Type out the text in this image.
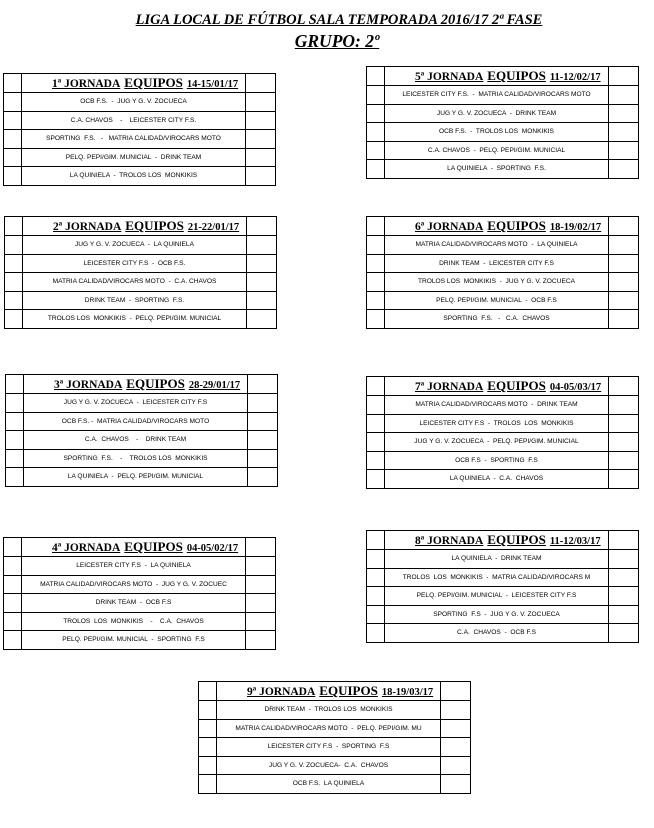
LIGA LOCAL DE FÚTBOL SALA TEMPORADA 2016/17 2ª FASE
GRUPO: 2º
	1ª JORNADA EQUIPOS 14-15/01/17	
	OCB F.S.  -  JUG Y G. V. ZOCUECA	
	C.A. CHAVOS    -    LEICESTER CITY F.S.	
	SPORTING  F.S.   -   MATRIA CALIDAD/VIROCARS MOTO	
	PELQ. PEPI/GIM. MUNICIAL  -  DRINK TEAM	
	LA QUINIELA  -  TROLOS LOS  MONKIKIS	
	2ª JORNADA EQUIPOS 21-22/01/17	
	JUG Y G. V. ZOCUECA  -  LA QUINIELA	
	LEICESTER CITY F.S  -  OCB F.S.	
	MATRIA CALIDAD/VIROCARS MOTO  -  C.A. CHAVOS	
	DRINK TEAM  -  SPORTING  F.S.	
	TROLOS LOS  MONKIKIS  -  PELQ. PEPI/GIM. MUNICIAL	
	3ª JORNADA EQUIPOS 28-29/01/17	
	JUG Y G. V. ZOCUECA  -  LEICESTER CITY F.S	
	OCB F.S. -  MATRIA CALIDAD/VIROCARS MOTO	
	C.A.  CHAVOS    -    DRINK TEAM	
	SPORTING  F.S.    -    TROLOS LOS  MONKIKIS	
	LA QUINIELA  -  PELQ. PEPI/GIM. MUNICIAL	
	4ª JORNADA EQUIPOS 04-05/02/17	
	LEICESTER CITY F.S  -  LA QUINIELA	
	MATRIA CALIDAD/VIROCARS MOTO  -  JUG Y G. V. ZOCUEC	
	DRINK TEAM  -  OCB F.S	
	TROLOS  LOS  MONKIKIS    -    C.A.  CHAVOS	
	PELQ. PEPI/GIM. MUNICIAL  -  SPORTING  F.S	
	5ª JORNADA EQUIPOS 11-12/02/17	
	LEICESTER CITY F.S.  -  MATRIA CALIDAD/VIROCARS MOTO	
	JUG Y G. V. ZOCUECA  -  DRINK TEAM	
	OCB F.S.  -  TROLOS LOS  MONKIKIS	
	C.A. CHAVOS  -  PELQ. PEPI/GIM. MUNICIAL	
	LA QUINIELA  -  SPORTING  F.S.	
	6ª JORNADA EQUIPOS 18-19/02/17	
	MATRIA CALIDAD/VIROCARS MOTO  -  LA QUINIELA	
	DRINK TEAM  -  LEICESTER CITY F.S	
	TROLOS LOS  MONKIKIS  -  JUG Y G. V. ZOCUECA	
	PELQ. PEPI/GIM. MUNICIAL  -  OCB F.S	
	SPORTING  F.S.   -   C.A.  CHAVOS	
	7ª JORNADA EQUIPOS 04-05/03/17	
	MATRIA CALIDAD/VIROCARS MOTO  -  DRINK TEAM	
	LEICESTER CITY F.S  -  TROLOS  LOS  MONKIKIS	
	JUG Y G. V. ZOCUECA  -  PELQ. PEPI/GIM. MUNICIAL	
	OCB F.S  -  SPORTING  F.S	
	LA QUINIELA  -  C.A.  CHAVOS	
	8ª JORNADA EQUIPOS 11-12/03/17	
	LA QUINIELA  -  DRINK TEAM	
	TROLOS  LOS  MONKIKIS  -  MATRIA CALIDAD/VIROCARS M	
	PELQ. PEPI/GIM. MUNICIAL  -  LEICESTER CITY F.S	
	SPORTING  F.S  -  JUG Y G. V. ZOCUECA	
	C.A.  CHAVOS  -  OCB F.S	
	9ª JORNADA EQUIPOS 18-19/03/17	
	DRINK TEAM  -  TROLOS LOS  MONKIKIS	
	MATRIA CALIDAD/VIROCARS MOTO  -  PELQ. PEPI/GIM. MU	
	LEICESTER CITY F.S  -  SPORTING  F.S	
	JUG Y G. V. ZOCUECA-  C.A.  CHAVOS	
	OCB F.S.  LA QUINIELA	
